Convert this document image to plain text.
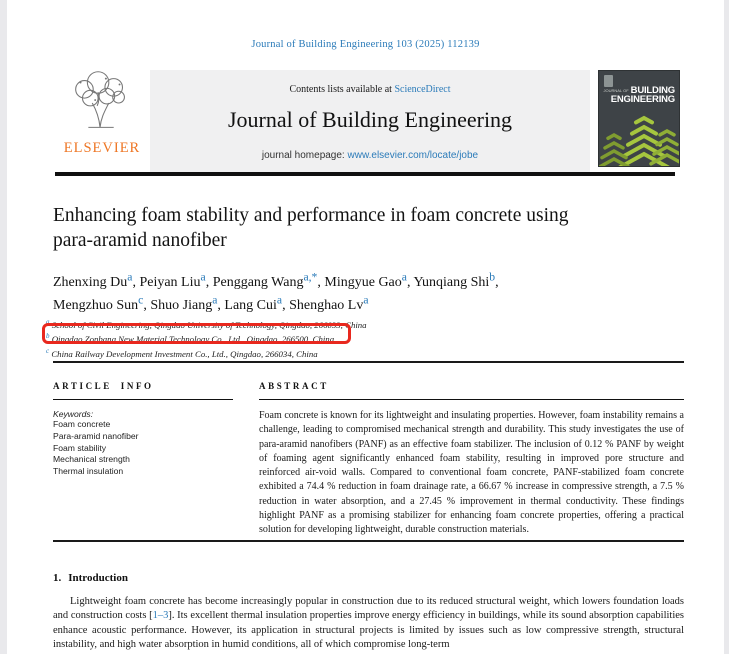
Journal of Building Engineering 103 (2025) 112139
ELSEVIER
Contents lists available at ScienceDirect
Journal of Building Engineering
journal homepage: www.elsevier.com/locate/jobe
JOURNAL OF BUILDING
ENGINEERING
Enhancing foam stability and performance in foam concrete using para-aramid nanofiber
Zhenxing Du$^a$ , Peiyan Liu$^a$ , Penggang Wang$^{a,*}$ , Mingyue Gao$^a$ , Yunqiang Shi$^b$ ,
Mengzhuo Sun$^c$ , Shuo Jiang$^a$ , Lang Cui$^a$ , Shenghao Lv$^a$
$^a$ School of Civil Engineering, Qingdao University of Technology, Qingdao, 266033, China
$^b$ Qingdao Zonbang New Material Technology Co., Ltd., Qingdao, 266500, China
$^c$ China Railway Development Investment Co., Ltd., Qingdao, 266034, China
ARTICLE INFO
Keywords:
Foam concrete
Para-aramid nanofiber
Foam stability
Mechanical strength
Thermal insulation
ABSTRACT
Foam concrete is known for its lightweight and insulating properties. However, foam instability remains a challenge, leading to compromised mechanical strength and durability. This study investigates the use of para-aramid nanofibers (PANF) as an effective foam stabilizer. The inclusion of 0.12 % PANF by weight of foaming agent significantly enhanced foam stability, resulting in improved pore structure and reinforced air-void walls. Compared to conventional foam concrete, PANF-stabilized foam concrete exhibited a 74.4 % reduction in foam drainage rate, a 66.67 % increase in compressive strength, a 7.5 % reduction in water absorption, and a 27.45 % improvement in thermal conductivity. These findings highlight PANF as a promising stabilizer for enhancing foam concrete properties, offering a practical solution for developing lightweight, durable construction materials.
1. Introduction
Lightweight foam concrete has become increasingly popular in construction due to its reduced structural weight, which lowers foundation loads and construction costs [1–3]. Its excellent thermal insulation properties improve energy efficiency in buildings, while its sound absorption capabilities enhance acoustic performance. However, its application in structural projects is limited by issues such as low compressive strength, structural instability, and high water absorption in humid conditions, all of which compromise long-term
